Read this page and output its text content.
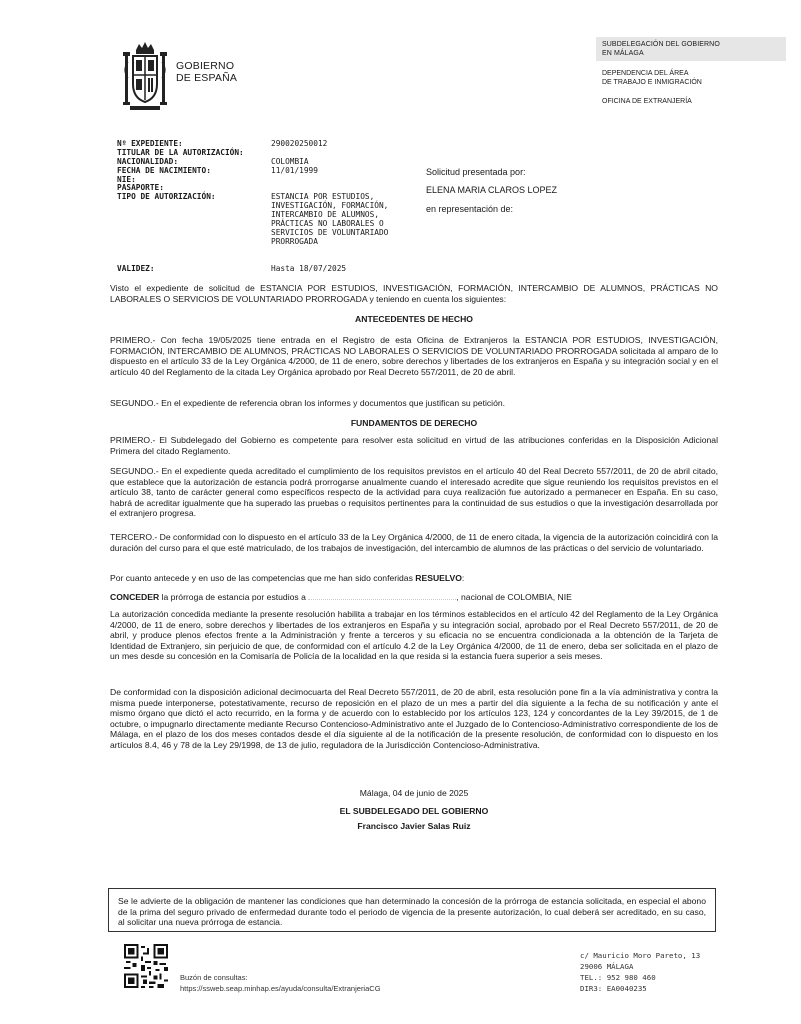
GOBIERNO
DE ESPAÑA
SUBDELEGACIÓN DEL GOBIERNO
EN MÁLAGA
DEPENDENCIA DEL ÁREA
DE TRABAJO E INMIGRACIÓN
OFICINA DE EXTRANJERÍA
Nº EXPEDIENTE:	290020250012
TITULAR DE LA AUTORIZACIÓN:
NACIONALIDAD:	COLOMBIA
FECHA DE NACIMIENTO:	11/01/1999
NIE:
PASAPORTE:
TIPO DE AUTORIZACIÓN:	ESTANCIA POR ESTUDIOS,
INVESTIGACIÓN, FORMACIÓN,
INTERCAMBIO DE ALUMNOS,
PRÁCTICAS NO LABORALES O
SERVICIOS DE VOLUNTARIADO
PRORROGADA
VALIDEZ:	Hasta 18/07/2025
Solicitud presentada por:
ELENA MARIA CLAROS LOPEZ
en representación de:
Visto el expediente de solicitud de ESTANCIA POR ESTUDIOS, INVESTIGACIÓN, FORMACIÓN, INTERCAMBIO DE ALUMNOS, PRÁCTICAS NO LABORALES O SERVICIOS DE VOLUNTARIADO PRORROGADA y teniendo en cuenta los siguientes:
ANTECEDENTES DE HECHO
PRIMERO.- Con fecha 19/05/2025 tiene entrada en el Registro de esta Oficina de Extranjeros la ESTANCIA POR ESTUDIOS, INVESTIGACIÓN, FORMACIÓN, INTERCAMBIO DE ALUMNOS, PRÁCTICAS NO LABORALES O SERVICIOS DE VOLUNTARIADO PRORROGADA solicitada al amparo de lo dispuesto en el artículo 33 de la Ley Orgánica 4/2000, de 11 de enero, sobre derechos y libertades de los extranjeros en España y su integración social y en el artículo 40 del Reglamento de la citada Ley Orgánica aprobado por Real Decreto 557/2011, de 20 de abril.
SEGUNDO.- En el expediente de referencia obran los informes y documentos que justifican su petición.
FUNDAMENTOS DE DERECHO
PRIMERO.- El Subdelegado del Gobierno es competente para resolver esta solicitud en virtud de las atribuciones conferidas en la Disposición Adicional Primera del citado Reglamento.
SEGUNDO.- En el expediente queda acreditado el cumplimiento de los requisitos previstos en el artículo 40 del Real Decreto 557/2011, de 20 de abril citado, que establece que la autorización de estancia podrá prorrogarse anualmente cuando el interesado acredite que sigue reuniendo los requisitos previstos en el artículo 38, tanto de carácter general como específicos respecto de la actividad para cuya realización fue autorizado a permanecer en España. En su caso, habrá de acreditar igualmente que ha superado las pruebas o requisitos pertinentes para la continuidad de sus estudios o que la investigación desarrollada por el extranjero progresa.
TERCERO.- De conformidad con lo dispuesto en el artículo 33 de la Ley Orgánica 4/2000, de 11 de enero citada, la vigencia de la autorización coincidirá con la duración del curso para el que esté matriculado, de los trabajos de investigación, del intercambio de alumnos de las prácticas o del servicio de voluntariado.
Por cuanto antecede y en uso de las competencias que me han sido conferidas RESUELVO:
CONCEDER la prórroga de estancia por estudios a	, nacional de COLOMBIA, NIE
La autorización concedida mediante la presente resolución habilita a trabajar en los términos establecidos en el artículo 42 del Reglamento de la Ley Orgánica 4/2000, de 11 de enero, sobre derechos y libertades de los extranjeros en España y su integración social, aprobado por el Real Decreto 557/2011, de 20 de abril, y produce plenos efectos frente a la Administración y frente a terceros y su eficacia no se encuentra condicionada a la obtención de la Tarjeta de Identidad de Extranjero, sin perjuicio de que, de conformidad con el artículo 4.2 de la Ley Orgánica 4/2000, de 11 de enero, deba ser solicitada en el plazo de un mes desde su concesión en la Comisaría de Policía de la localidad en la que resida si la estancia fuera superior a seis meses.
De conformidad con la disposición adicional decimocuarta del Real Decreto 557/2011, de 20 de abril, esta resolución pone fin a la vía administrativa y contra la misma puede interponerse, potestativamente, recurso de reposición en el plazo de un mes a partir del día siguiente a la fecha de su notificación y ante el mismo órgano que dictó el acto recurrido, en la forma y de acuerdo con lo establecido por los artículos 123, 124 y concordantes de la Ley 39/2015, de 1 de octubre, o impugnarlo directamente mediante Recurso Contencioso-Administrativo ante el Juzgado de lo Contencioso-Administrativo correspondiente de los de Málaga, en el plazo de los dos meses contados desde el día siguiente al de la notificación de la presente resolución, de conformidad con lo dispuesto en los artículos 8.4, 46 y 78 de la Ley 29/1998, de 13 de julio, reguladora de la Jurisdicción Contencioso-Administrativa.
Málaga, 04 de junio de 2025
EL SUBDELEGADO DEL GOBIERNO
Francisco Javier Salas Ruiz
Se le advierte de la obligación de mantener las condiciones que han determinado la concesión de la prórroga de estancia solicitada, en especial el abono de la prima del seguro privado de enfermedad durante todo el periodo de vigencia de la presente autorización, lo cual deberá ser acreditado, en su caso, al solicitar una nueva prórroga de estancia.
Buzón de consultas:
https://ssweb.seap.minhap.es/ayuda/consulta/ExtranjeriaCG
c/ Mauricio Moro Pareto, 13
29006 MÁLAGA
TEL.: 952 980 460
DIR3: EA0040235
